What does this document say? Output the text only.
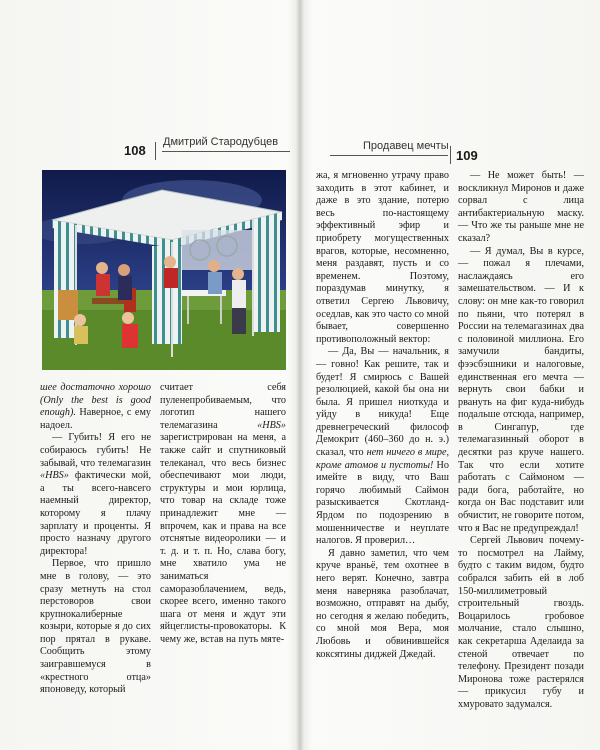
108
Дмитрий Стародубцев	Продавец мечты
109

шее достаточно хорошо (Only the best is good enough). Наверное, с ему надоел.

— Губить! Я его не собираюсь губить! Не забывай, что телемагазин «HBS» фактически мой, а ты всего-навсего наемный директор, которому я плачу зарплату и проценты. Я просто назначу другого директора!

Первое, что пришло мне в голову, — это сразу метнуть на стол перстоворов свои крупнокалиберные козыри, которые я до сих пор прятал в рукаве. Сообщить этому заигравшемуся в «крестного отца» японоведу, который

считает себя пуленепробиваемым, что логотип нашего телемагазина «HBS» зарегистрирован на меня, а также сайт и спутниковый телеканал, что весь бизнес обеспечивают мои люди, структуры и мои юрлица, что товар на складе тоже принадлежит мне — впрочем, как и права на все отснятые видеоролики — и т. д. и т. п. Но, слава богу, мне хватило ума не заниматься саморазоблачением, ведь, скорее всего, именно такого шага от меня и ждут эти яйцеглисты-провокаторы. К чему же, встав на путь мяте-

жа, я мгновенно утрачу право заходить в этот кабинет, и даже в это здание, потерю весь по-настоящему эффективный эфир и приобрету могущественных врагов, которые, несомненно, меня раздавят, пусть и со временем. Поэтому, пораздумав минутку, я ответил Сергею Львовичу, оседлав, как это часто со мной бывает, совершенно противоположный вектор:

— Да, Вы — начальник, я — говно! Как решите, так и будет! Я смирюсь с Вашей резолюцией, какой бы она ни была. Я пришел ниоткуда и уйду в никуда! Еще древнегреческий философ Демокрит (460–360 до н. э.) сказал, что нет ничего в мире, кроме атомов и пустоты! Но имейте в виду, что Ваш горячо любимый Саймон разыскивается Скотланд-Ярдом по подозрению в мошенничестве и неуплате налогов. Я проверил…

Я давно заметил, что чем круче враньё, тем охотнее в него верят. Конечно, завтра меня наверняка разоблачат, возможно, отправят на дыбу, но сегодня я желаю победить, со мной моя Вера, моя Любовь и обвинившейся коксятины диджей Джедай.

— Не может быть! — воскликнул Миронов и даже сорвал с лица антибактериальную маску. — Что же ты раньше мне не сказал?

— Я думал, Вы в курсе, — пожал я плечами, наслаждаясь его замешательством. — И к слову: он мне как-то говорил по пьяни, что потерял в России на телемагазинах два с половиной миллиона. Его замучили бандиты, фээсбэшники и налоговые, единственная его мечта — вернуть свои бабки и рвануть на фиг куда-нибудь подальше отсюда, например, в Сингапур, где телемагазинный оборот в десятки раз круче нашего. Так что если хотите работать с Саймоном — ради бога, работайте, но когда он Вас подставит или обчистит, не говорите потом, что я Вас не предупреждал!

Сергей Львович почему-то посмотрел на Лайму, будто с таким видом, будто собрался забить ей в лоб 150-миллиметровый строительный гвоздь. Воцарилось гробовое молчание, стало слышно, как секретарша Аделаида за стеной отвечает по телефону. Президент позади Миронова тоже растерялся — прикусил губу и хмуровато задумался.
